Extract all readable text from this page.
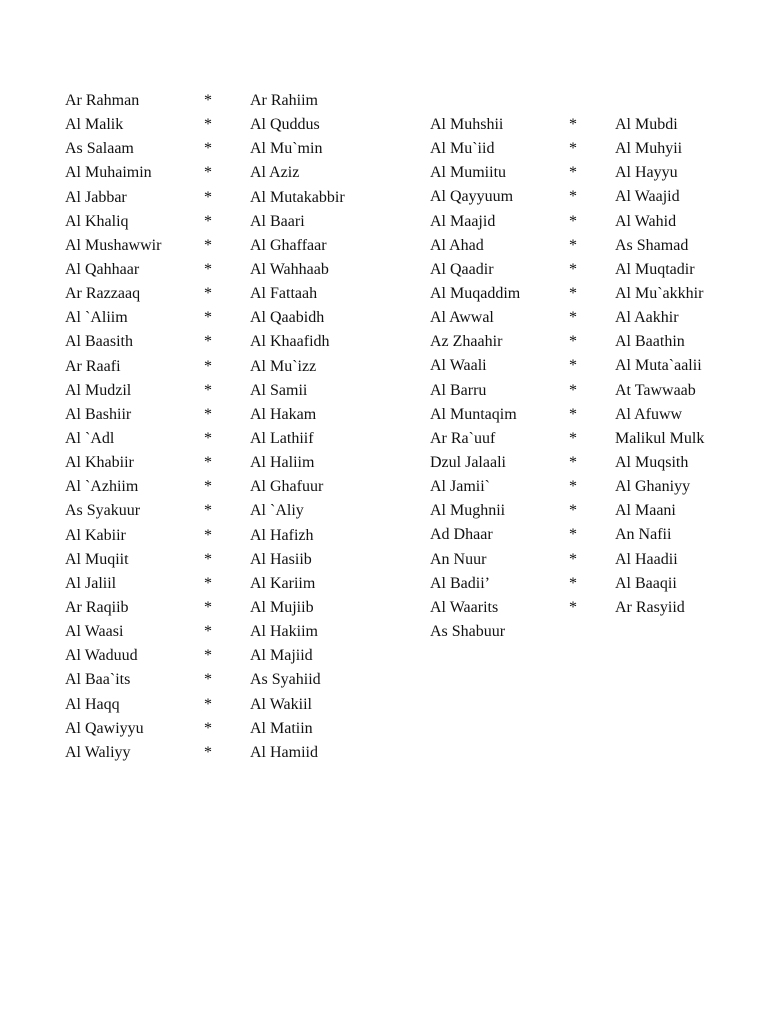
Ar Rahman	* Ar Rahiim
Al Malik	* Al Quddus
As Salaam	* Al Mu`min
Al Muhaimin	* Al Aziz
Al Jabbar	* Al Mutakabbir
Al Khaliq	* Al Baari
Al Mushawwir	* Al Ghaffaar
Al Qahhaar	* Al Wahhaab
Ar Razzaaq	* Al Fattaah
Al `Aliim	* Al Qaabidh
Al Baasith	* Al Khaafidh
Ar Raafi	* Al Mu`izz
Al Mudzil	* Al Samii
Al Bashiir	* Al Hakam
Al `Adl	* Al Lathiif
Al Khabiir	* Al Haliim
Al `Azhiim	* Al Ghafuur
As Syakuur	* Al `Aliy
Al Kabiir	* Al Hafizh
Al Muqiit	* Al Hasiib
Al Jaliil	* Al Kariim
Ar Raqiib	* Al Mujiib
Al Waasi	* Al Hakiim
Al Waduud	* Al Majiid
Al Baa`its	* As Syahiid
Al Haqq	* Al Wakiil
Al Qawiyyu	* Al Matiin
Al Waliyy	* Al Hamiid
Al Muhshii	* Al Mubdi
Al Mu`iid	* Al Muhyii
Al Mumiitu	* Al Hayyu
Al Qayyuum	* Al Waajid
Al Maajid	* Al Wahid
Al Ahad	* As Shamad
Al Qaadir	* Al Muqtadir
Al Muqaddim	* Al Mu`akkhir
Al Awwal	* Al Aakhir
Az Zhaahir	* Al Baathin
Al Waali	* Al Muta`aalii
Al Barru	* At Tawwaab
Al Muntaqim	* Al Afuww
Ar Ra`uuf	* Malikul Mulk
Dzul Jalaali	* Al Muqsith
Al Jamii`	* Al Ghaniyy
Al Mughnii	* Al Maani
Ad Dhaar	* An Nafii
An Nuur	* Al Haadii
Al Badii’	* Al Baaqii
Al Waarits	* Ar Rasyiid
As Shabuur
